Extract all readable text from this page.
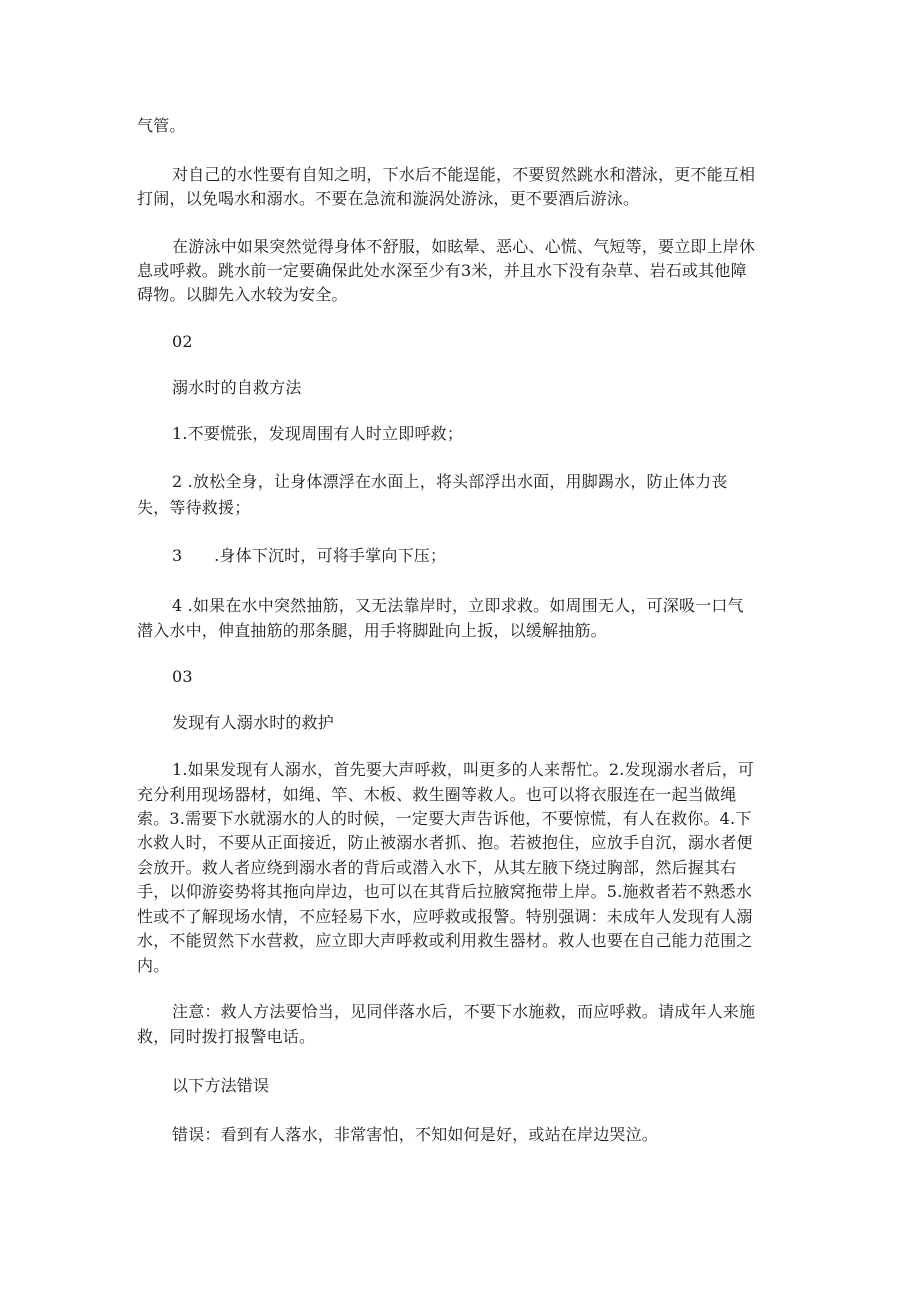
气管。
对自己的水性要有自知之明，下水后不能逞能，不要贸然跳水和潜泳，更不能互相
打闹，以免喝水和溺水。不要在急流和漩涡处游泳，更不要酒后游泳。
在游泳中如果突然觉得身体不舒服，如眩晕、恶心、心慌、气短等，要立即上岸休
息或呼救。跳水前一定要确保此处水深至少有3米，并且水下没有杂草、岩石或其他障
碍物。以脚先入水较为安全。
02
溺水时的自救方法
1.不要慌张，发现周围有人时立即呼救；
2 .放松全身，让身体漂浮在水面上，将头部浮出水面，用脚踢水，防止体力丧
失，等待救援；
3      .身体下沉时，可将手掌向下压；
4 .如果在水中突然抽筋，又无法靠岸时，立即求救。如周围无人，可深吸一口气
潜入水中，伸直抽筋的那条腿，用手将脚趾向上扳，以缓解抽筋。
03
发现有人溺水时的救护
1.如果发现有人溺水，首先要大声呼救，叫更多的人来帮忙。2.发现溺水者后，可
充分利用现场器材，如绳、竿、木板、救生圈等救人。也可以将衣服连在一起当做绳
索。3.需要下水就溺水的人的时候，一定要大声告诉他，不要惊慌，有人在救你。4.下
水救人时，不要从正面接近，防止被溺水者抓、抱。若被抱住，应放手自沉，溺水者便
会放开。救人者应绕到溺水者的背后或潜入水下，从其左腋下绕过胸部，然后握其右
手，以仰游姿势将其拖向岸边，也可以在其背后拉腋窝拖带上岸。5.施救者若不熟悉水
性或不了解现场水情，不应轻易下水，应呼救或报警。特别强调：未成年人发现有人溺
水，不能贸然下水营救，应立即大声呼救或利用救生器材。救人也要在自己能力范围之
内。
注意：救人方法要恰当，见同伴落水后，不要下水施救，而应呼救。请成年人来施
救，同时拨打报警电话。
以下方法错误
错误：看到有人落水，非常害怕，不知如何是好，或站在岸边哭泣。
